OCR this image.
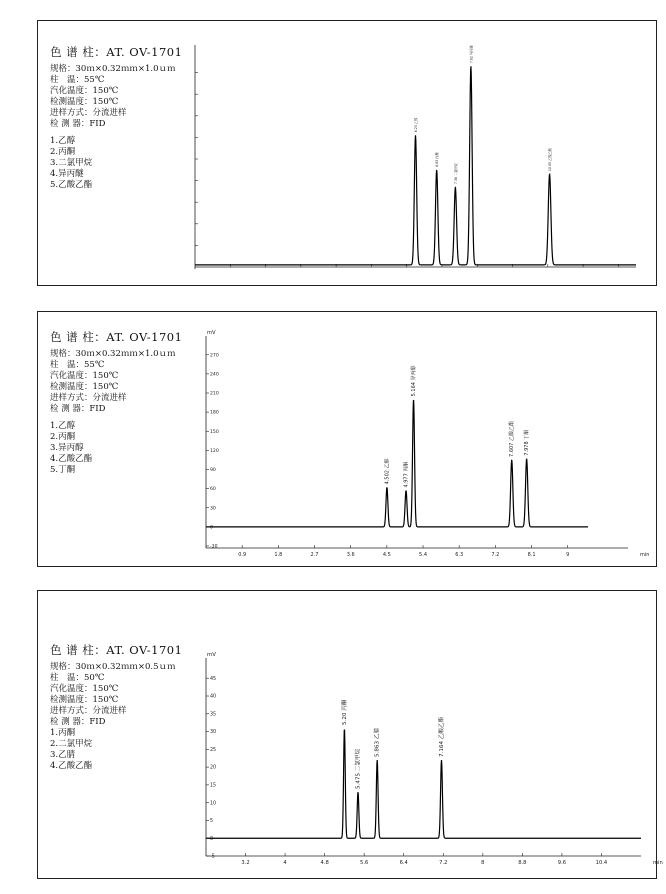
色 谱 柱：AT. OV-1701
规格：30ｍ×0.32ｍｍ×1.0ｕｍ
柱　温：55℃
汽化温度：150℃
检测温度：150℃
进样方式：分流进样
检 测 器：FID
1.乙醇
2.丙酮
3.二氯甲烷
4.异丙醚
5.乙酸乙酯
6.25 乙醇
6.85 丙酮
7.38 二氯甲烷
7.82 异丙醚
10.05 乙酸乙酯
色 谱 柱：AT. OV-1701
规格：30ｍ×0.32ｍｍ×1.0ｕｍ
柱　温：55℃
汽化温度：150℃
检测温度：150℃
进样方式：分流进样
检 测 器：FID
1.乙醇
2.丙酮
3.异丙醇
4.乙酸乙酯
5.丁酮
-30
0
30
60
90
120
150
180
210
240
270
0.9	1.8	2.7	3.6	4.5	5.4	6.3	7.2	8.1	9
mV
min
4.502 乙醇	4.977 丙酮
5.164 异丙醇
7.607 乙酸乙酯 7.978 丁酮
色 谱 柱：AT. OV-1701
规格：30ｍ×0.32ｍｍ×0.5ｕｍ
柱　温：50℃
汽化温度：150℃
检测温度：150℃
进样方式：分流进样
检 测 器：FID
1.丙酮
2.二氯甲烷
3.乙腈
4.乙酸乙酯
-5
0
5
10
15
20
25
30
35
40
45
3.2	4	4.8	5.6	6.4	7.2	8	8.8	9.6	10.4
mV
min
5.20 丙酮
5.475 二氯甲烷
5.863 乙腈	7.164 乙酸乙酯
